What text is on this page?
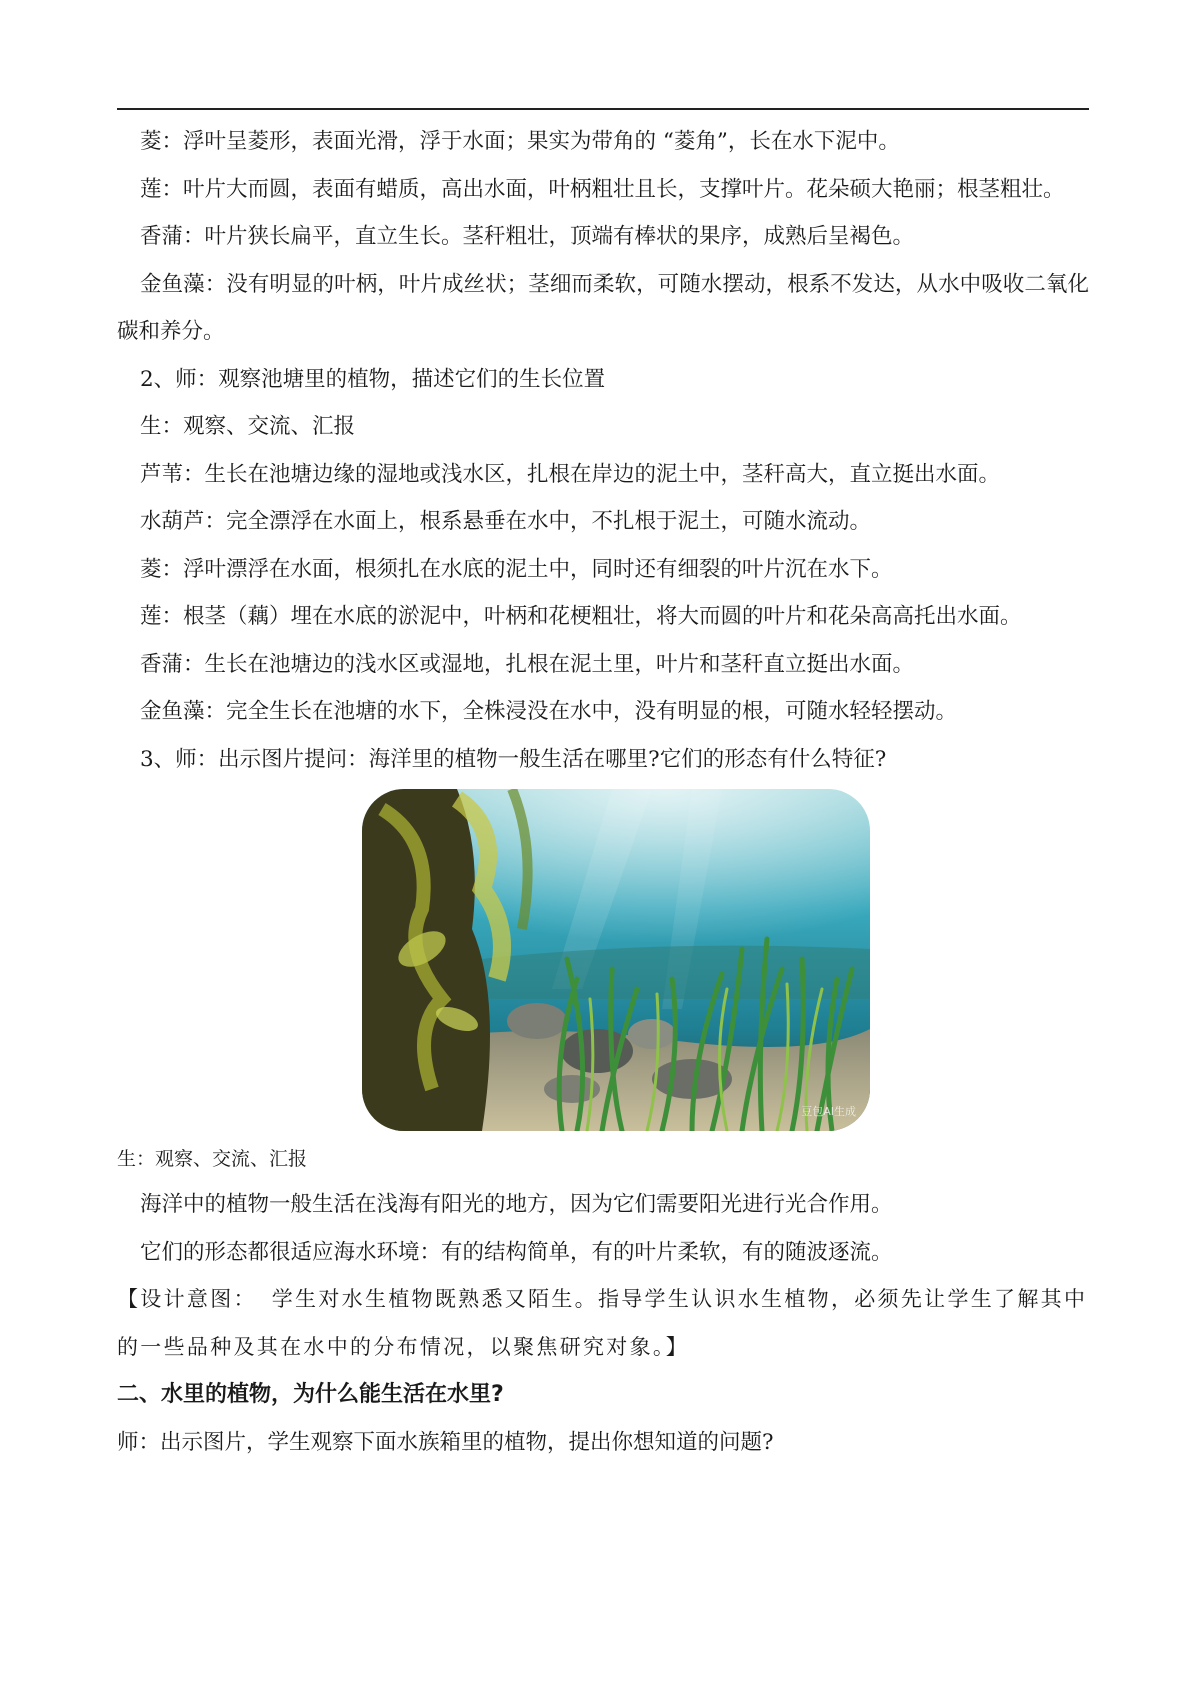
菱：浮叶呈菱形，表面光滑，浮于水面；果实为带角的 “菱角”，长在水下泥中。

莲：叶片大而圆，表面有蜡质，高出水面，叶柄粗壮且长，支撑叶片。花朵硕大艳丽；根茎粗壮。

香蒲：叶片狭长扁平，直立生长。茎秆粗壮，顶端有棒状的果序，成熟后呈褐色。

金鱼藻：没有明显的叶柄，叶片成丝状；茎细而柔软，可随水摆动，根系不发达，从水中吸收二氧化碳和养分。

2、师：观察池塘里的植物，描述它们的生长位置

生：观察、交流、汇报

芦苇：生长在池塘边缘的湿地或浅水区，扎根在岸边的泥土中，茎秆高大，直立挺出水面。

水葫芦：完全漂浮在水面上，根系悬垂在水中，不扎根于泥土，可随水流动。

菱：浮叶漂浮在水面，根须扎在水底的泥土中，同时还有细裂的叶片沉在水下。

莲：根茎（藕）埋在水底的淤泥中，叶柄和花梗粗壮，将大而圆的叶片和花朵高高托出水面。

香蒲：生长在池塘边的浅水区或湿地，扎根在泥土里，叶片和茎秆直立挺出水面。

金鱼藻：完全生长在池塘的水下，全株浸没在水中，没有明显的根，可随水轻轻摆动。

3、师：出示图片提问：海洋里的植物一般生活在哪里?它们的形态有什么特征?

豆包AI生成

生：观察、交流、汇报

海洋中的植物一般生活在浅海有阳光的地方，因为它们需要阳光进行光合作用。

它们的形态都很适应海水环境：有的结构简单，有的叶片柔软，有的随波逐流。

【设计意图： 学生对水生植物既熟悉又陌生。指导学生认识水生植物，必须先让学生了解其中的一些品种及其在水中的分布情况，以聚焦研究对象。】

二、水里的植物，为什么能生活在水里?

师：出示图片，学生观察下面水族箱里的植物，提出你想知道的问题?
